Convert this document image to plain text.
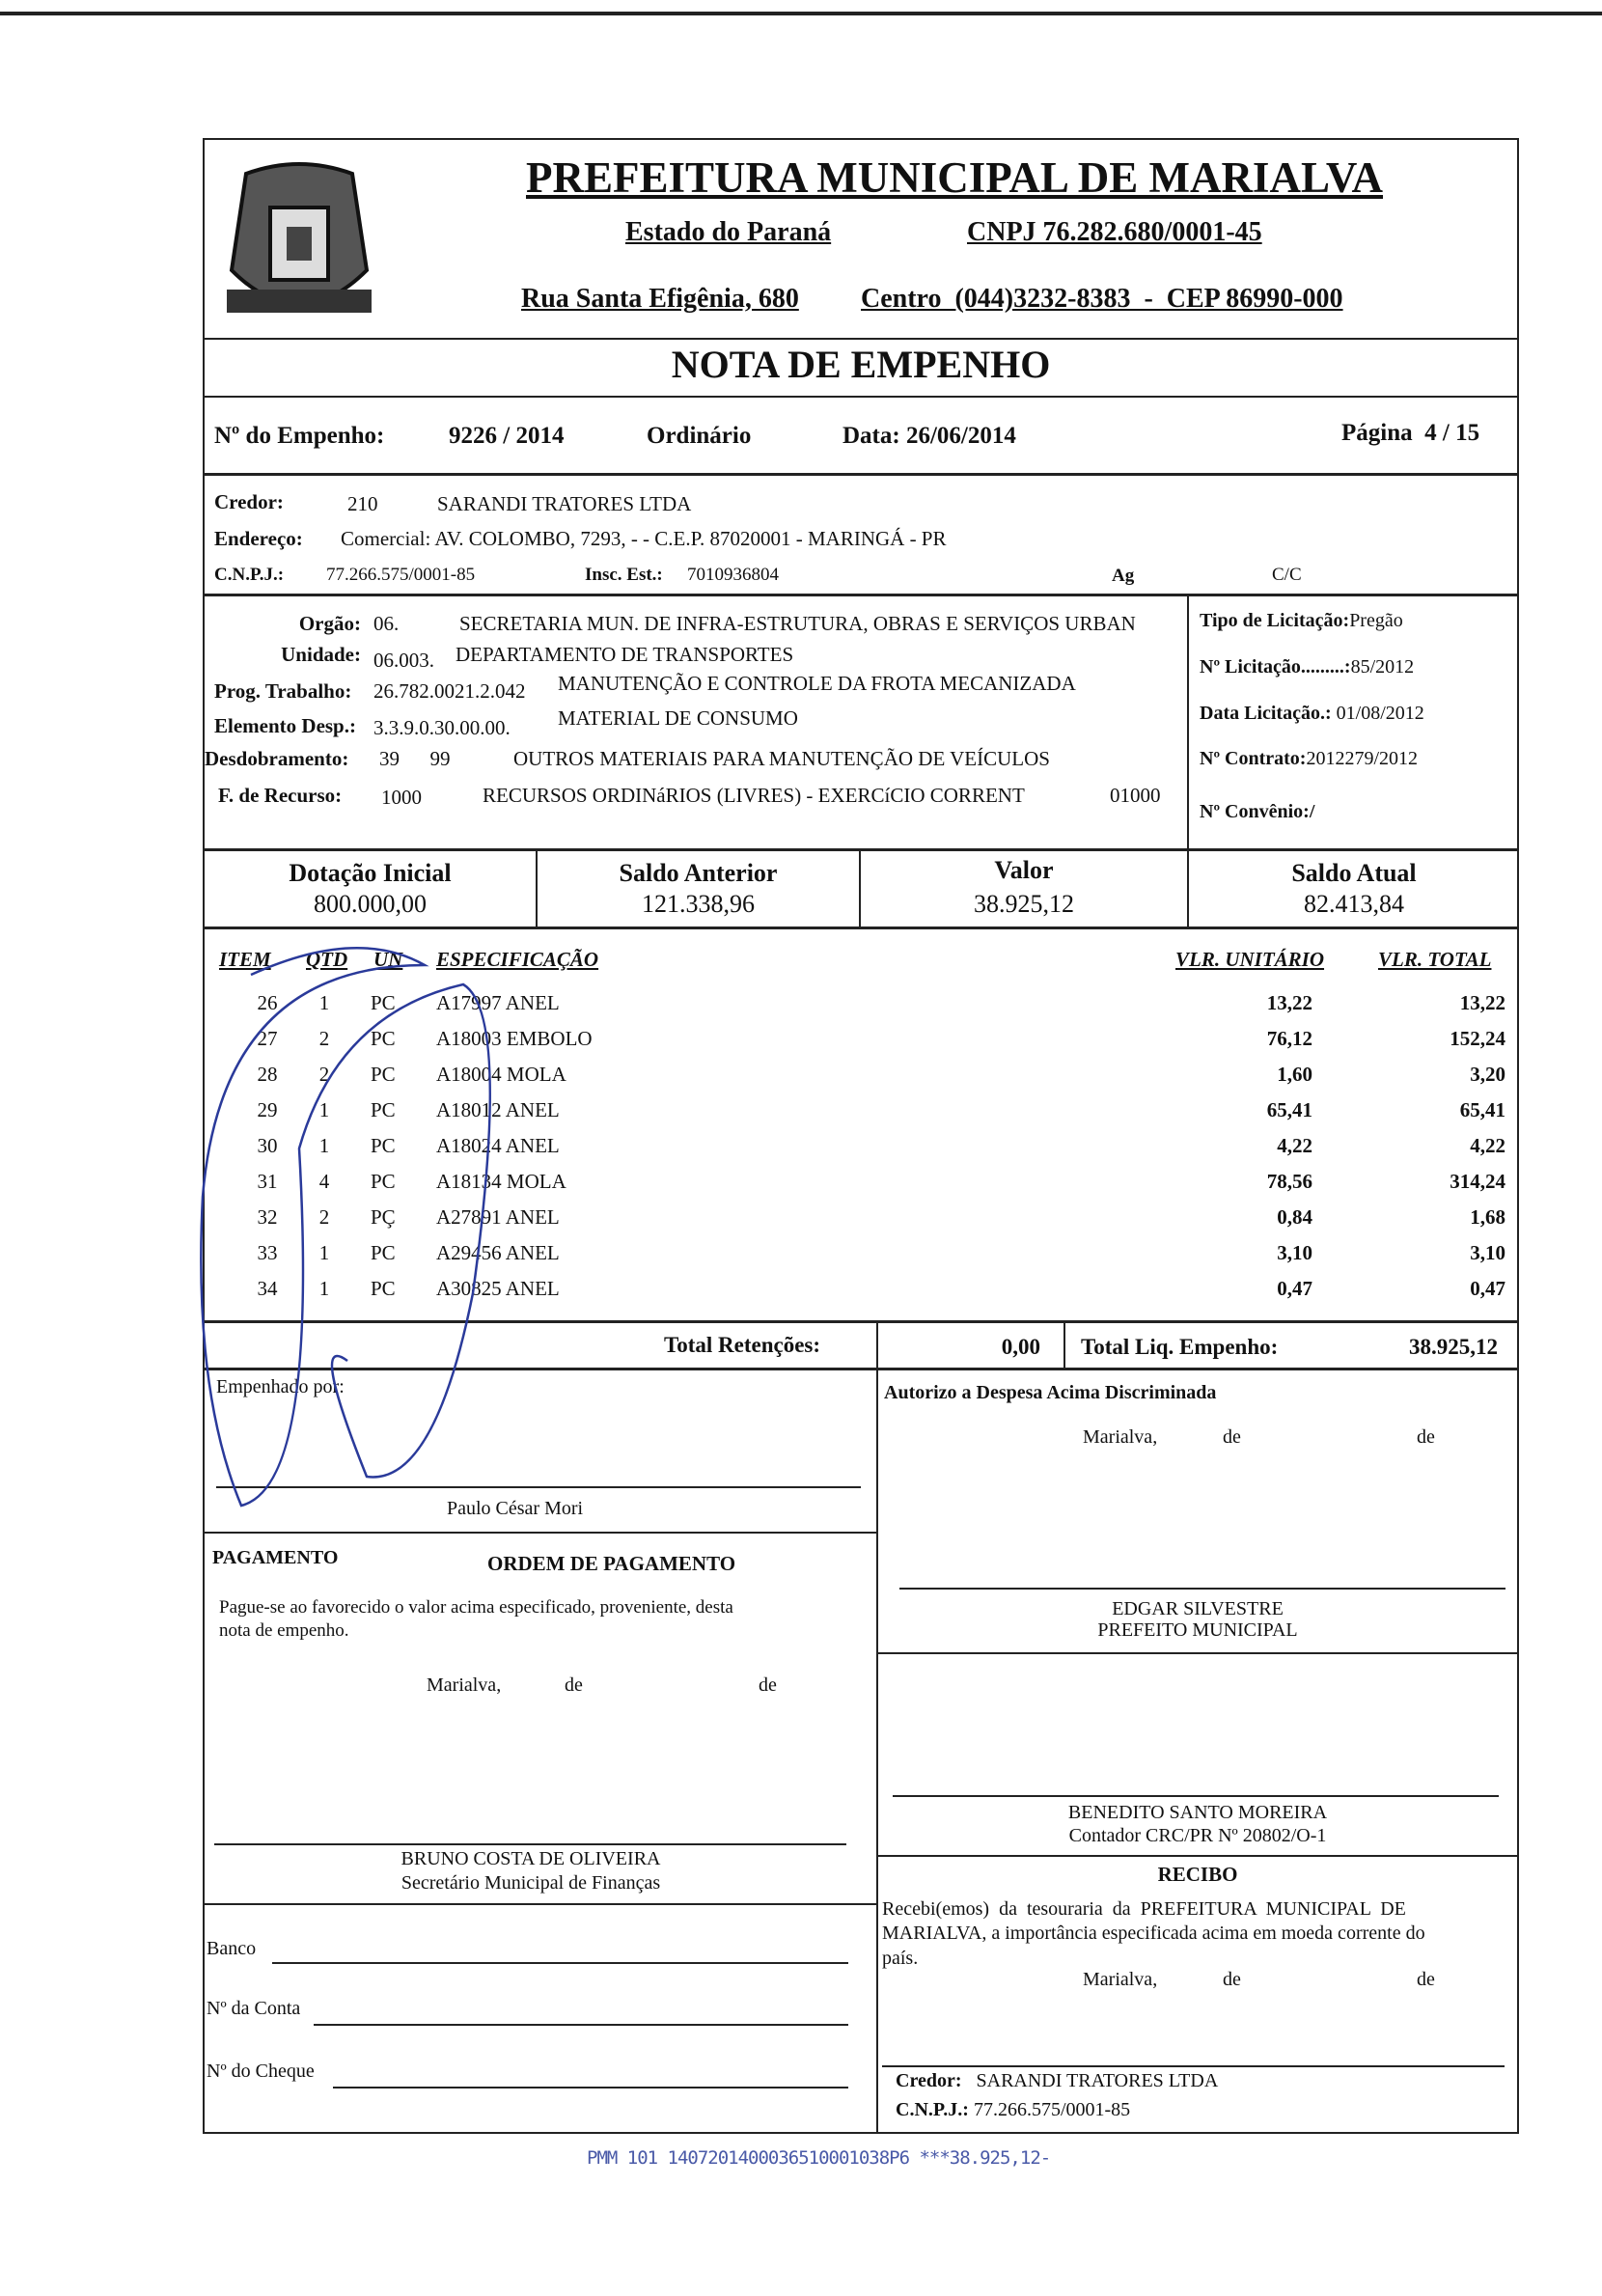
PREFEITURA MUNICIPAL DE MARIALVA
Estado do Paraná	CNPJ 76.282.680/0001-45
Rua Santa Efigênia, 680 Centro  (044)3232-8383  -  CEP 86990-000
NOTA DE EMPENHO
Nº do Empenho:	9226 / 2014	Ordinário	Data: 26/06/2014	Página  4 / 15
Credor:	210	SARANDI TRATORES LTDA
Endereço: Comercial: AV. COLOMBO, 7293, - - C.E.P. 87020001 - MARINGÁ - PR
C.N.P.J.: 77.266.575/0001-85	Insc. Est.: 7010936804	Ag	C/C
Orgão: 06.	SECRETARIA MUN. DE INFRA-ESTRUTURA, OBRAS E SERVIÇOS URBAN
Unidade: 06.003. DEPARTAMENTO DE TRANSPORTES
Prog. Trabalho: 26.782.0021.2.042 MANUTENÇÃO E CONTROLE DA FROTA MECANIZADA
Elemento Desp.: 3.3.9.0.30.00.00. MATERIAL DE CONSUMO
Desdobramento: 39      99	OUTROS MATERIAIS PARA MANUTENÇÃO DE VEÍCULOS
F. de Recurso: 1000	RECURSOS ORDINáRIOS (LIVRES) - EXERCíCIO CORRENT	01000
Tipo de Licitação:Pregão
Nº Licitação.........:85/2012
Data Licitação.: 01/08/2012
Nº Contrato:2012279/2012
Nº Convênio:/
Dotação Inicial
800.000,00
Saldo Anterior
121.338,96
Valor
38.925,12
Saldo Atual
82.413,84
ITEM QTD UN ESPECIFICAÇÃO	VLR. UNITÁRIO	VLR. TOTAL
26 1 PC A17997 ANEL	13,22	13,22
27 2 PC A18003 EMBOLO	76,12	152,24
28 2 PC A18004 MOLA	1,60	3,20
29 1 PC A18012 ANEL	65,41	65,41
30 1 PC A18024 ANEL	4,22	4,22
31 4 PC A18134 MOLA	78,56	314,24
32 2 PÇ A27891 ANEL	0,84	1,68
33 1 PC A29456 ANEL	3,10	3,10
34 1 PC A30825 ANEL	0,47	0,47
Total Retenções:	0,00 Total Liq. Empenho:	38.925,12
Empenhado por:
Paulo César Mori
Autorizo a Despesa Acima Discriminada
Marialva,	de	de
EDGAR SILVESTRE
PREFEITO MUNICIPAL
PAGAMENTO	ORDEM DE PAGAMENTO
Pague-se ao favorecido o valor acima especificado, proveniente, desta
nota de empenho.
Marialva,	de	de
BRUNO COSTA DE OLIVEIRA
Secretário Municipal de Finanças
BENEDITO SANTO MOREIRA
Contador CRC/PR Nº 20802/O-1
RECIBO
Recebi(emos)  da  tesouraria  da  PREFEITURA  MUNICIPAL  DE
MARIALVA, a importância especificada acima em moeda corrente do
país.
Marialva,	de	de
Credor: SARANDI TRATORES LTDA
C.N.P.J.: 77.266.575/0001-85
Banco
Nº da Conta
Nº do Cheque
PMM 101 1407201400036510001038P6 ***38.925,12-
